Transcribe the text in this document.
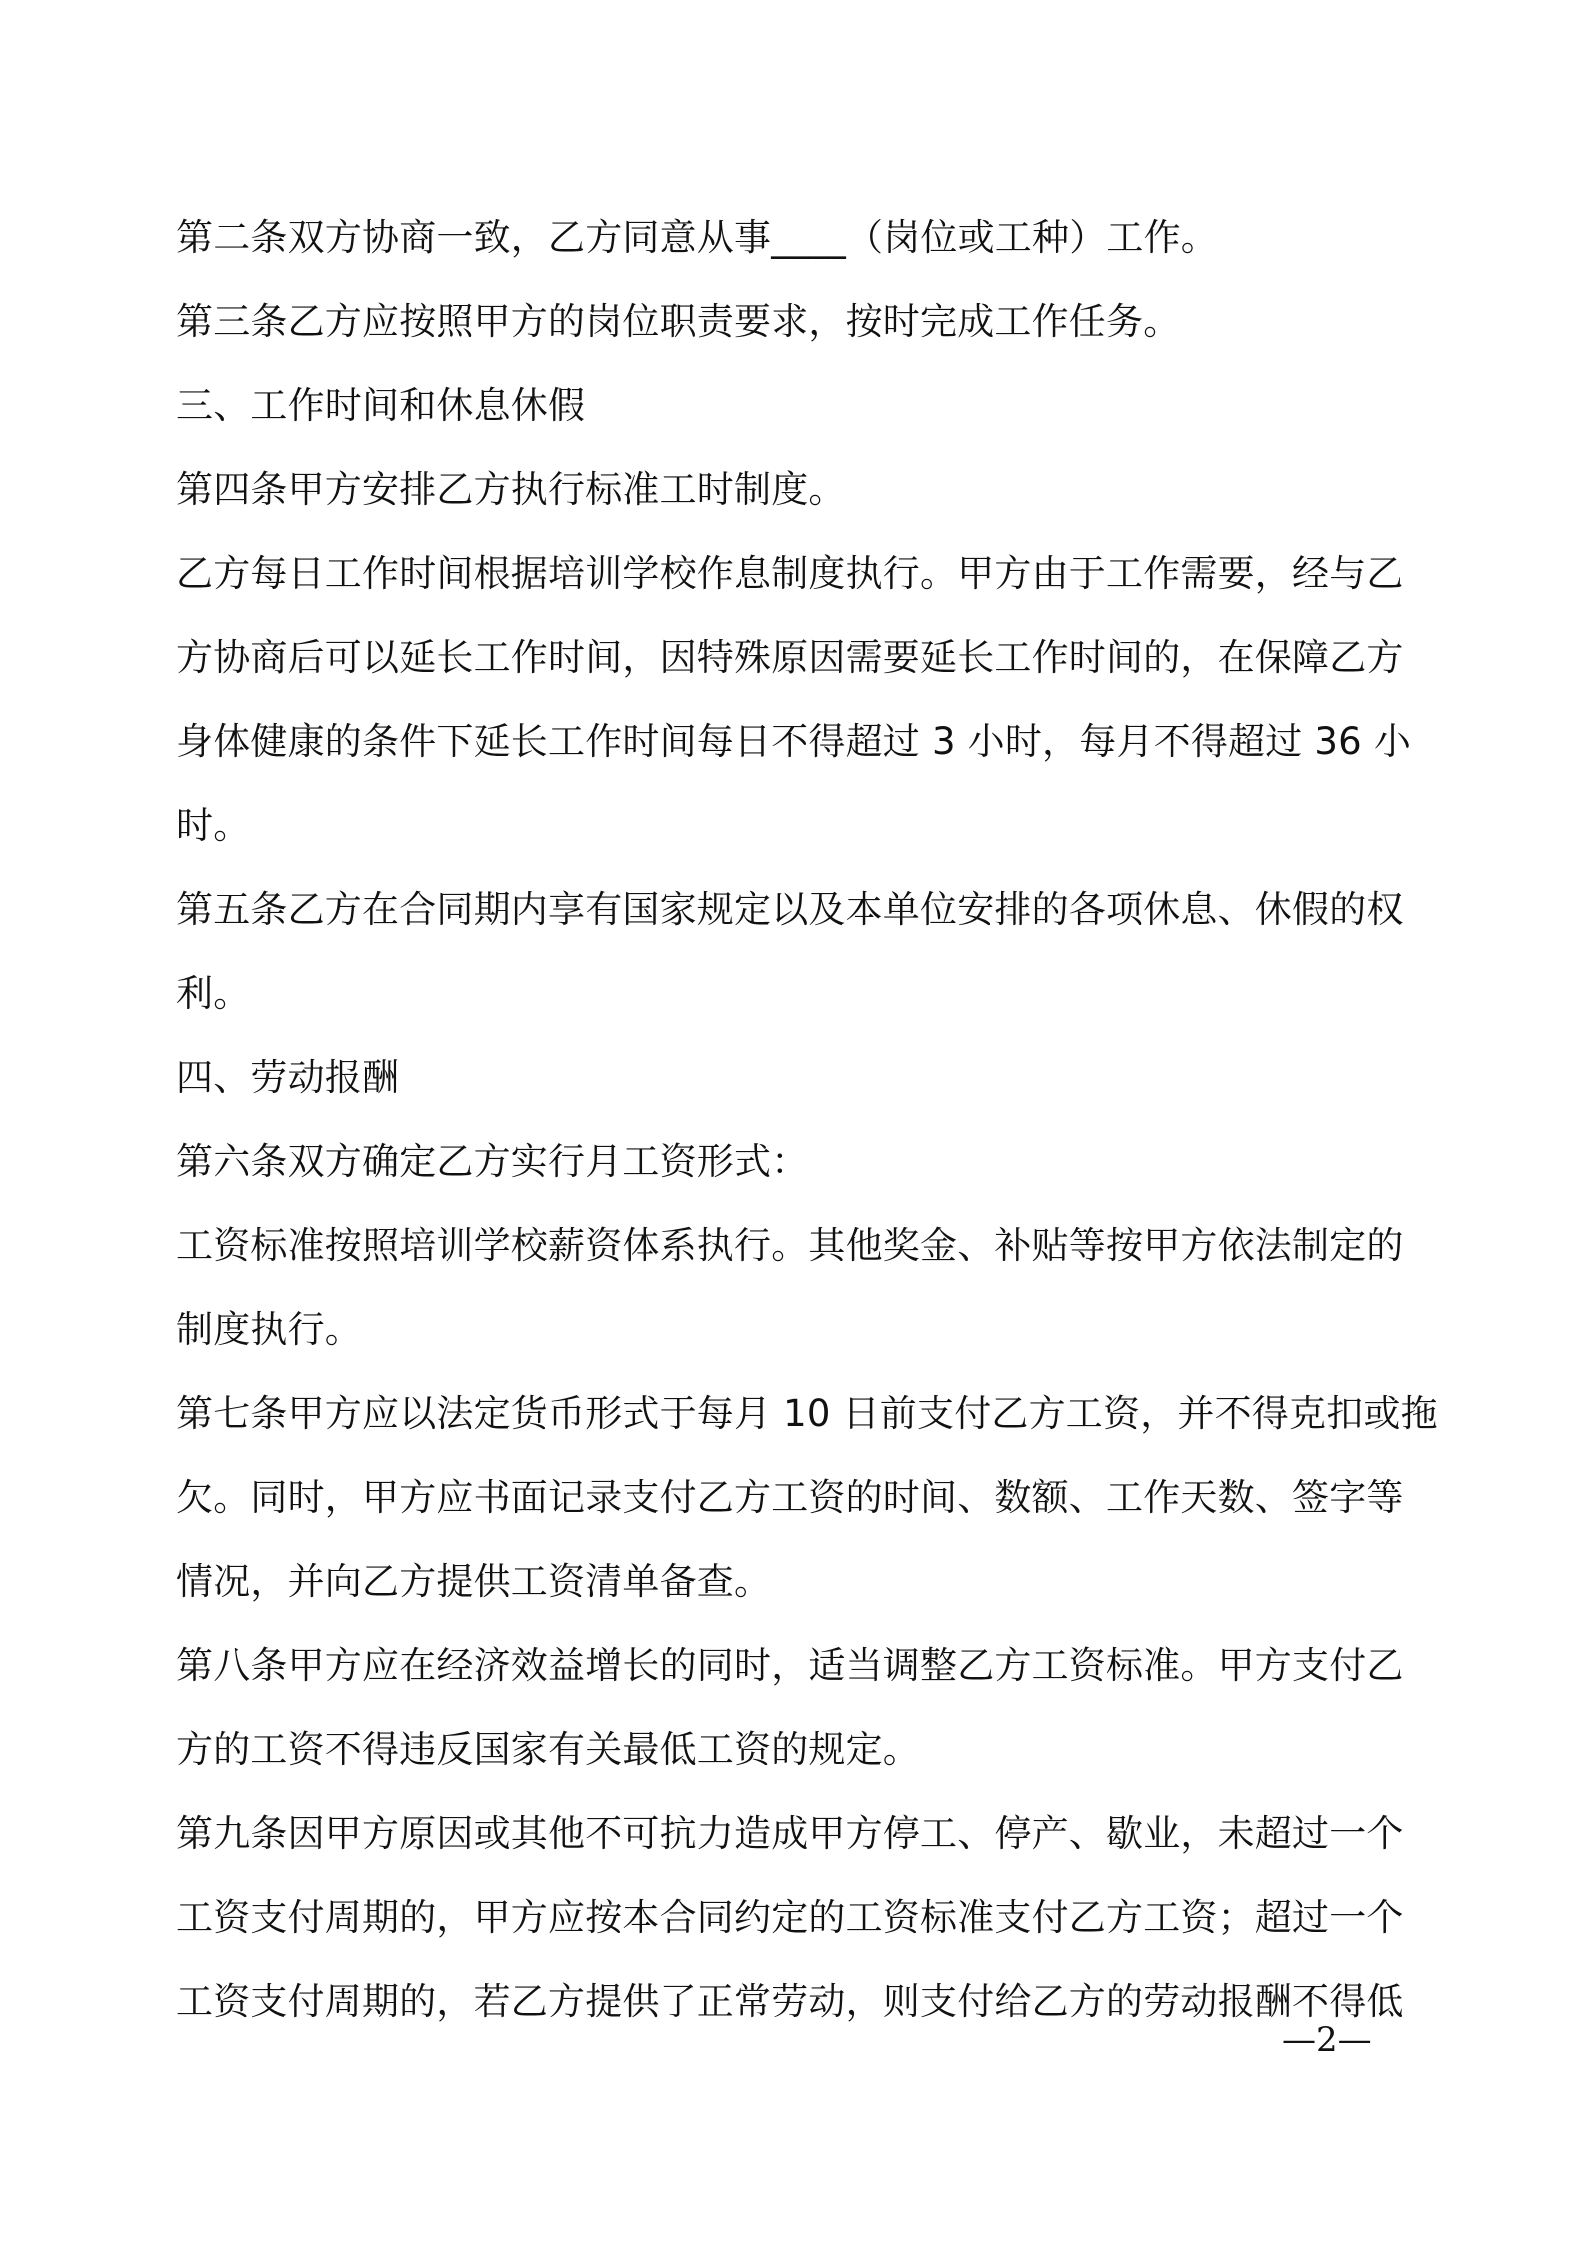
第二条双方协商一致，乙方同意从事____（岗位或工种）工作。
第三条乙方应按照甲方的岗位职责要求，按时完成工作任务。
三、工作时间和休息休假
第四条甲方安排乙方执行标准工时制度。
乙方每日工作时间根据培训学校作息制度执行。甲方由于工作需要，经与乙
方协商后可以延长工作时间，因特殊原因需要延长工作时间的，在保障乙方
身体健康的条件下延长工作时间每日不得超过 3 小时，每月不得超过 36 小
时。
第五条乙方在合同期内享有国家规定以及本单位安排的各项休息、休假的权
利。
四、劳动报酬
第六条双方确定乙方实行月工资形式：
工资标准按照培训学校薪资体系执行。其他奖金、补贴等按甲方依法制定的
制度执行。
第七条甲方应以法定货币形式于每月 10 日前支付乙方工资，并不得克扣或拖
欠。同时，甲方应书面记录支付乙方工资的时间、数额、工作天数、签字等
情况，并向乙方提供工资清单备查。
第八条甲方应在经济效益增长的同时，适当调整乙方工资标准。甲方支付乙
方的工资不得违反国家有关最低工资的规定。
第九条因甲方原因或其他不可抗力造成甲方停工、停产、歇业，未超过一个
工资支付周期的，甲方应按本合同约定的工资标准支付乙方工资；超过一个
工资支付周期的，若乙方提供了正常劳动，则支付给乙方的劳动报酬不得低
—2—
